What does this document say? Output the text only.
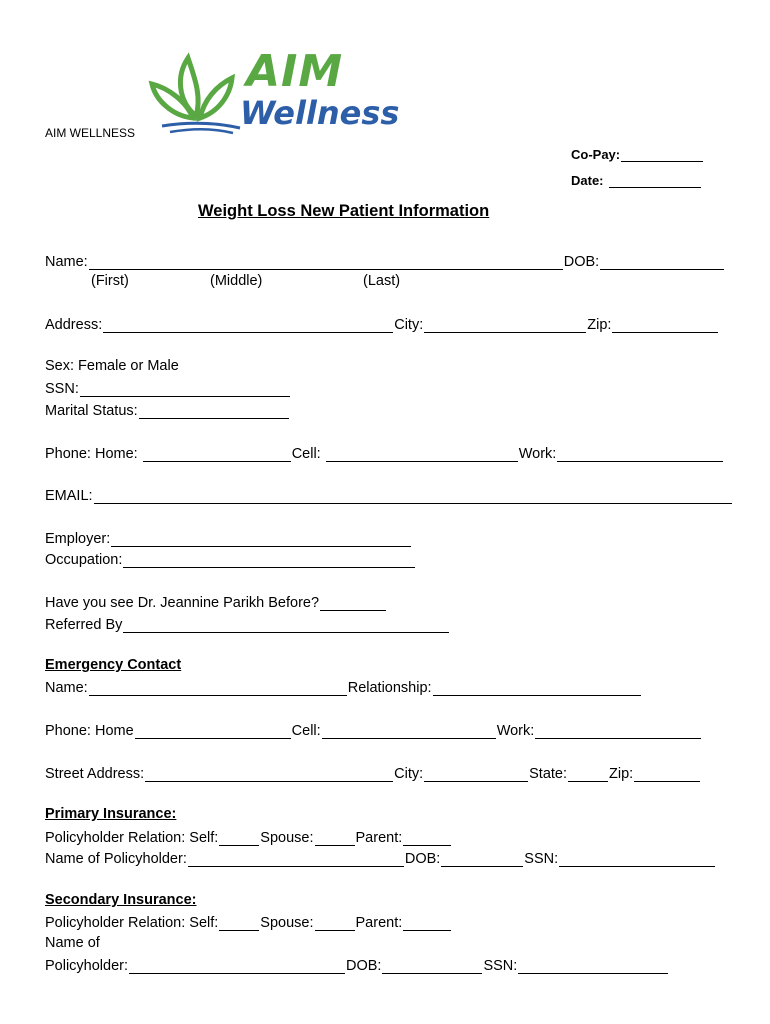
AIM WELLNESS
AIM
Wellness
Co-Pay:
Date:
Weight Loss New Patient Information
Name:	DOB:
(First)	(Middle)	(Last)
Address:	City:	Zip:
Sex: Female or Male
SSN:
Marital Status:
Phone: Home:	Cell:	Work:
EMAIL:
Employer:
Occupation:
Have you see Dr. Jeannine Parikh Before?
Referred By
Emergency Contact
Name:	Relationship:
Phone: Home	Cell:	Work:
Street Address:	City:	State:	Zip:
Primary Insurance:
Policyholder Relation: Self:	Spouse:	Parent:
Name of Policyholder:	DOB:	SSN:
Secondary Insurance:
Policyholder Relation: Self:	Spouse:	Parent:
Name of
Policyholder:	DOB:	SSN:
